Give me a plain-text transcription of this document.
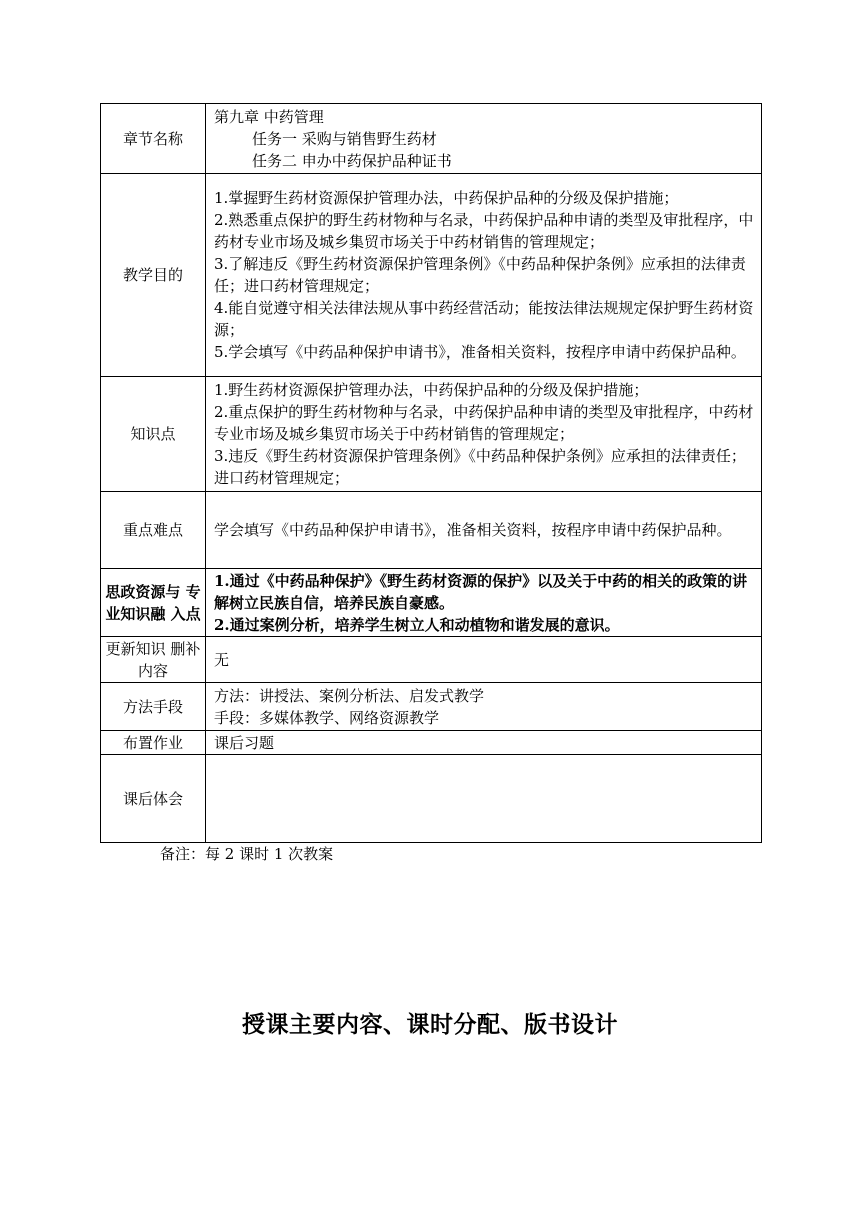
章节名称	第九章 中药管理
任务一 采购与销售野生药材
任务二 申办中药保护品种证书

教学目的	1.掌握野生药材资源保护管理办法，中药保护品种的分级及保护措施；
2.熟悉重点保护的野生药材物种与名录，中药保护品种申请的类型及审批程序，中药材专业市场及城乡集贸市场关于中药材销售的管理规定；
3.了解违反《野生药材资源保护管理条例》《中药品种保护条例》应承担的法律责任；进口药材管理规定；
4.能自觉遵守相关法律法规从事中药经营活动；能按法律法规规定保护野生药材资源；
5.学会填写《中药品种保护申请书》，准备相关资料，按程序申请中药保护品种。

知识点	1.野生药材资源保护管理办法，中药保护品种的分级及保护措施；
2.重点保护的野生药材物种与名录，中药保护品种申请的类型及审批程序，中药材专业市场及城乡集贸市场关于中药材销售的管理规定；
3.违反《野生药材资源保护管理条例》《中药品种保护条例》应承担的法律责任；进口药材管理规定；

重点难点	学会填写《中药品种保护申请书》，准备相关资料，按程序申请中药保护品种。
思政资源与 专业知识融 入点	1.通过《中药品种保护》《野生药材资源的保护》以及关于中药的相关的政策的讲解树立民族自信，培养民族自豪感。
2.通过案例分析，培养学生树立人和动植物和谐发展的意识。

更新知识 删补内容	无
方法手段	方法：讲授法、案例分析法、启发式教学
手段：多媒体教学、网络资源教学

布置作业	课后习题
课后体会	
备注：每 2 课时 1 次教案
授课主要内容、课时分配、版书设计
